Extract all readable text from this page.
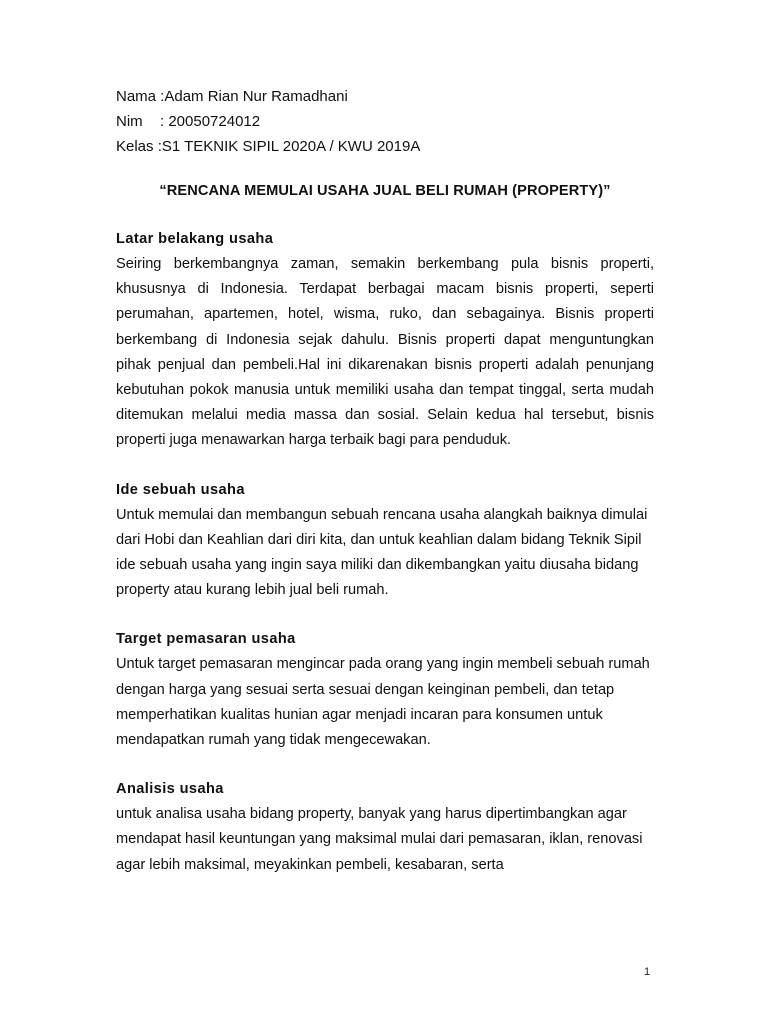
Nama :Adam Rian Nur Ramadhani
Nim : 20050724012
Kelas :S1 TEKNIK SIPIL 2020A / KWU 2019A
“RENCANA MEMULAI USAHA JUAL BELI RUMAH (PROPERTY)”
Latar belakang usaha
Seiring berkembangnya zaman, semakin berkembang pula bisnis properti, khususnya di Indonesia. Terdapat berbagai macam bisnis properti, seperti perumahan, apartemen, hotel, wisma, ruko, dan sebagainya. Bisnis properti berkembang di Indonesia sejak dahulu. Bisnis properti dapat menguntungkan pihak penjual dan pembeli.Hal ini dikarenakan bisnis properti adalah penunjang kebutuhan pokok manusia untuk memiliki usaha dan tempat tinggal, serta mudah ditemukan melalui media massa dan sosial. Selain kedua hal tersebut, bisnis properti juga menawarkan harga terbaik bagi para penduduk.
Ide sebuah usaha
Untuk memulai dan membangun sebuah rencana usaha alangkah baiknya dimulai dari Hobi dan Keahlian dari diri kita, dan untuk keahlian dalam bidang Teknik Sipil ide sebuah usaha yang ingin saya miliki dan dikembangkan yaitu diusaha bidang property atau kurang lebih jual beli rumah.
Target pemasaran usaha
Untuk target pemasaran mengincar pada orang yang ingin membeli sebuah rumah dengan harga yang sesuai serta sesuai dengan keinginan pembeli, dan tetap memperhatikan kualitas hunian agar menjadi incaran para konsumen untuk mendapatkan rumah yang tidak mengecewakan.
Analisis usaha
untuk analisa usaha bidang property, banyak yang harus dipertimbangkan agar mendapat hasil keuntungan yang maksimal mulai dari pemasaran, iklan, renovasi agar lebih maksimal, meyakinkan pembeli, kesabaran, serta
1
